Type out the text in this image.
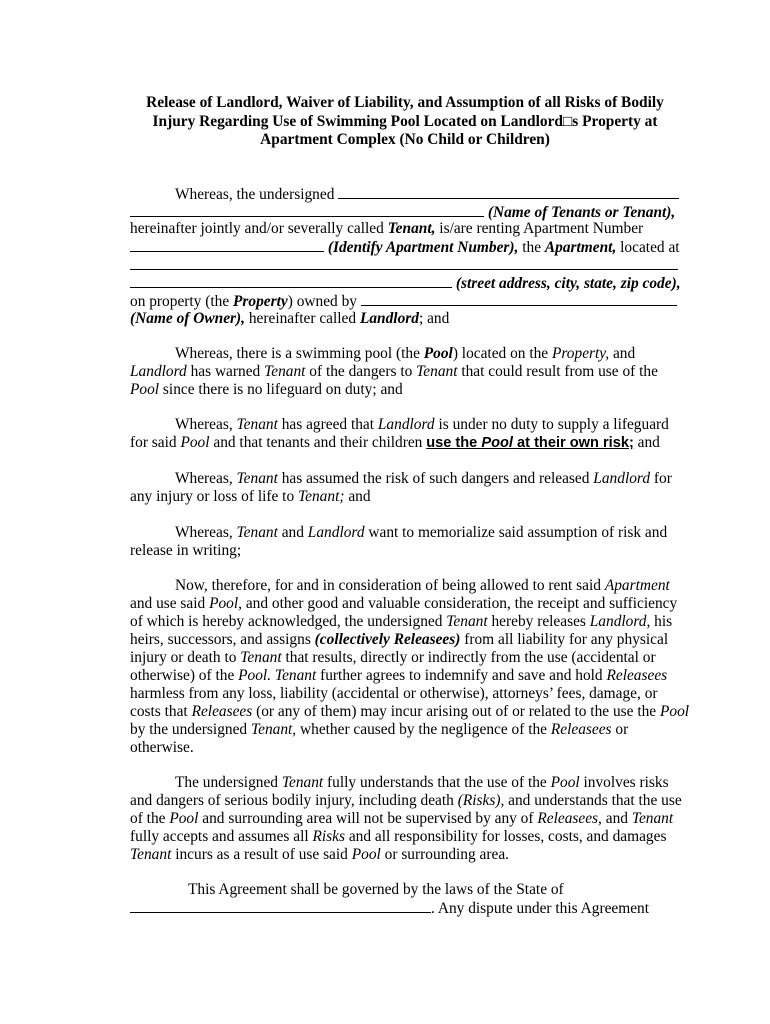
Release of Landlord, Waiver of Liability, and Assumption of all Risks of Bodily
Injury Regarding Use of Swimming Pool Located on Landlord□s Property at
Apartment Complex (No Child or Children)
Whereas, the undersigned
(Name of Tenants or Tenant),
hereinafter jointly and/or severally called Tenant, is/are renting Apartment Number
(Identify Apartment Number), the Apartment, located at
(street address, city, state, zip code),
on property (the Property) owned by
(Name of Owner), hereinafter called Landlord; and
Whereas, there is a swimming pool (the Pool) located on the Property, and
Landlord has warned Tenant of the dangers to Tenant that could result from use of the
Pool since there is no lifeguard on duty; and
Whereas, Tenant has agreed that Landlord is under no duty to supply a lifeguard
for said Pool and that tenants and their children use the Pool at their own risk; and
Whereas, Tenant has assumed the risk of such dangers and released Landlord for
any injury or loss of life to Tenant; and
Whereas, Tenant and Landlord want to memorialize said assumption of risk and
release in writing;
Now, therefore, for and in consideration of being allowed to rent said Apartment
and use said Pool, and other good and valuable consideration, the receipt and sufficiency
of which is hereby acknowledged, the undersigned Tenant hereby releases Landlord, his
heirs, successors, and assigns (collectively Releasees) from all liability for any physical
injury or death to Tenant that results, directly or indirectly from the use (accidental or
otherwise) of the Pool. Tenant further agrees to indemnify and save and hold Releasees
harmless from any loss, liability (accidental or otherwise), attorneys’ fees, damage, or
costs that Releasees (or any of them) may incur arising out of or related to the use the Pool
by the undersigned Tenant, whether caused by the negligence of the Releasees or
otherwise.
The undersigned Tenant fully understands that the use of the Pool involves risks
and dangers of serious bodily injury, including death (Risks), and understands that the use
of the Pool and surrounding area will not be supervised by any of Releasees, and Tenant
fully accepts and assumes all Risks and all responsibility for losses, costs, and damages
Tenant incurs as a result of use said Pool or surrounding area.
This Agreement shall be governed by the laws of the State of
. Any dispute under this Agreement
